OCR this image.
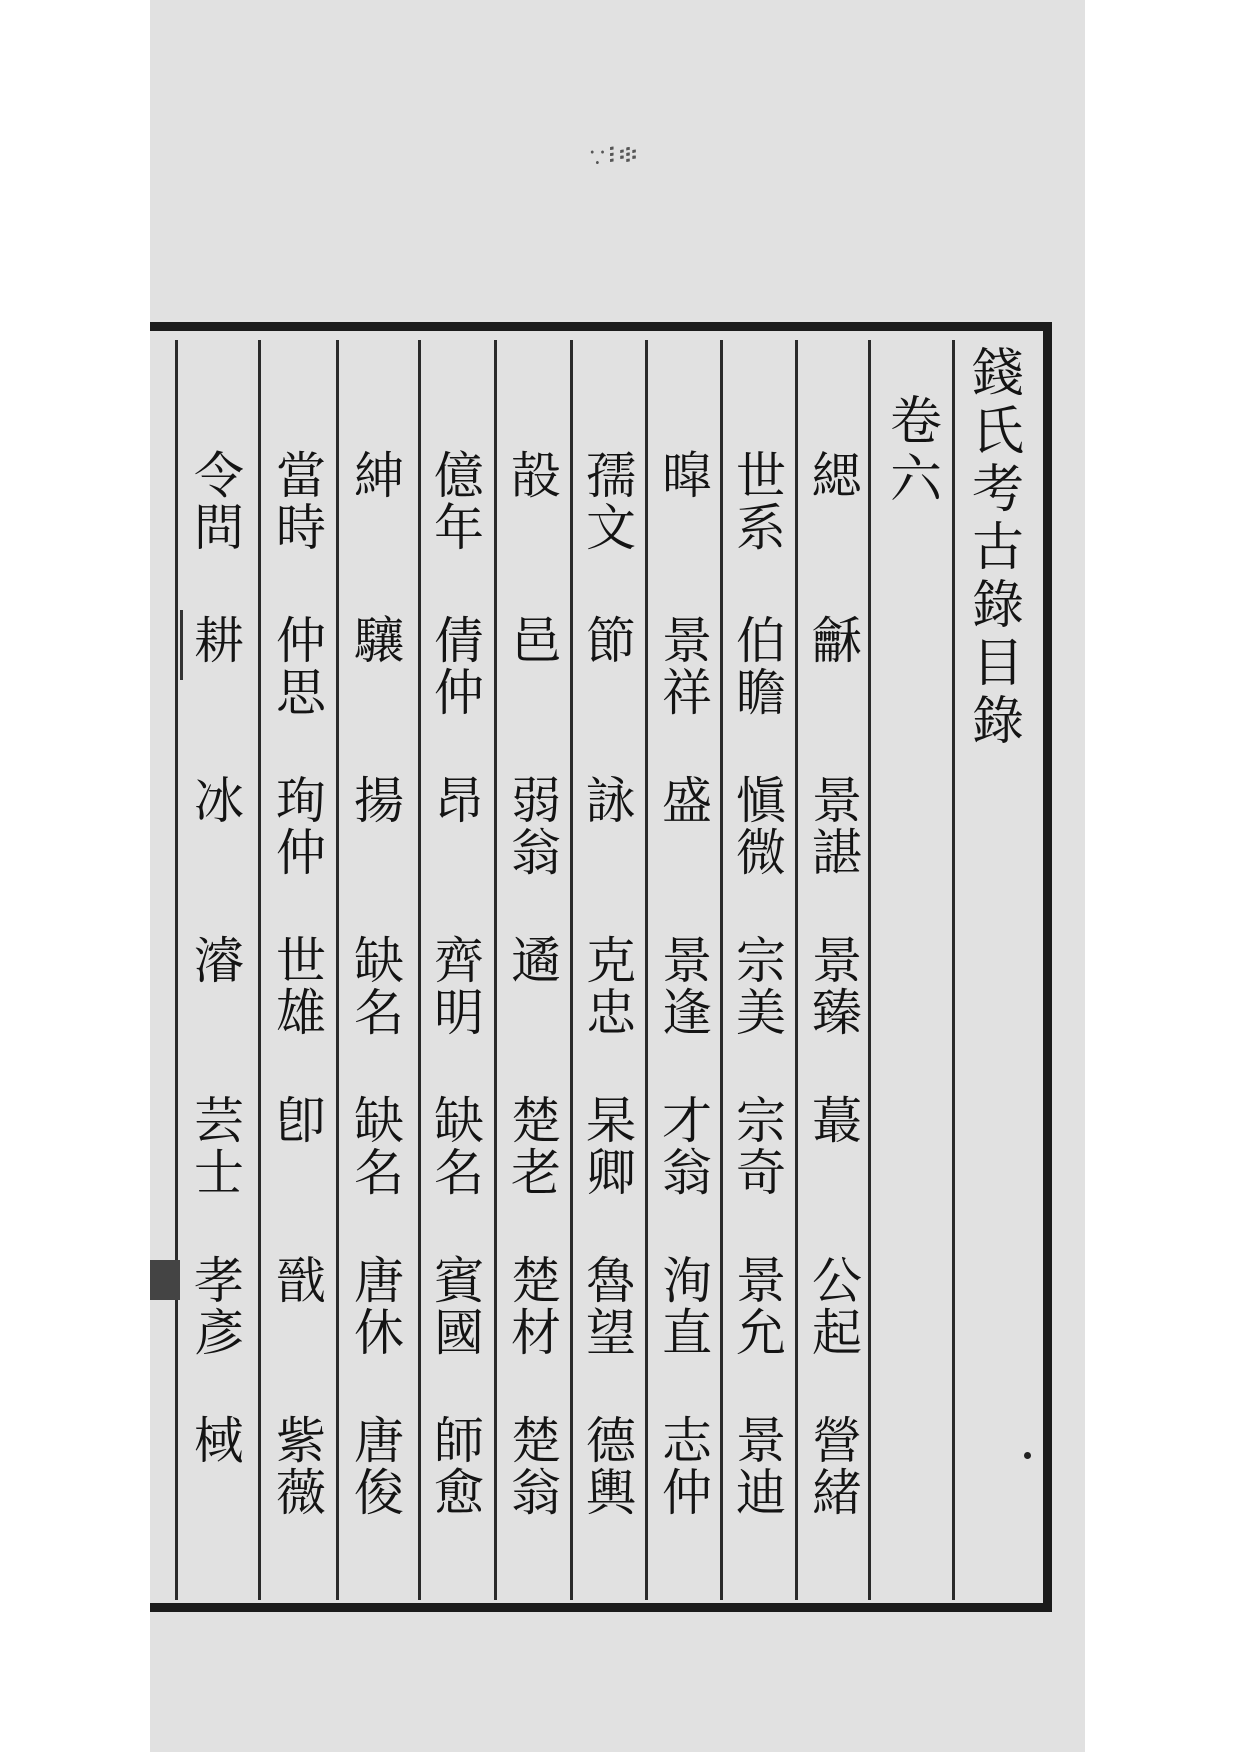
∵፧፨
錢
氏
考
古
錄
目
錄
卷
六
緦
龢
景
諶
景
臻
蕞
公
起
營
緒
世
系
伯
瞻
愼
微
宗
美
宗
奇
景
允
景
迪
暭
景
祥
盛
景
逢
才
翁
洵
直
志
仲
孺
文
節
詠
克
忠
杲
卿
魯
望
德
輿
㱿
邑
弱
翁
遹
楚
老
楚
材
楚
翁
億
年
倩
仲
昂
齊
明
缺
名
賓
國
師
愈
紳
驤
揚
缺
名
缺
名
唐
休
唐
俊
當
時
仲
思
珣
仲
世
雄
卽
戩
紫
薇
令
問
耕
冰
濬
芸
士
孝
彥
棫
